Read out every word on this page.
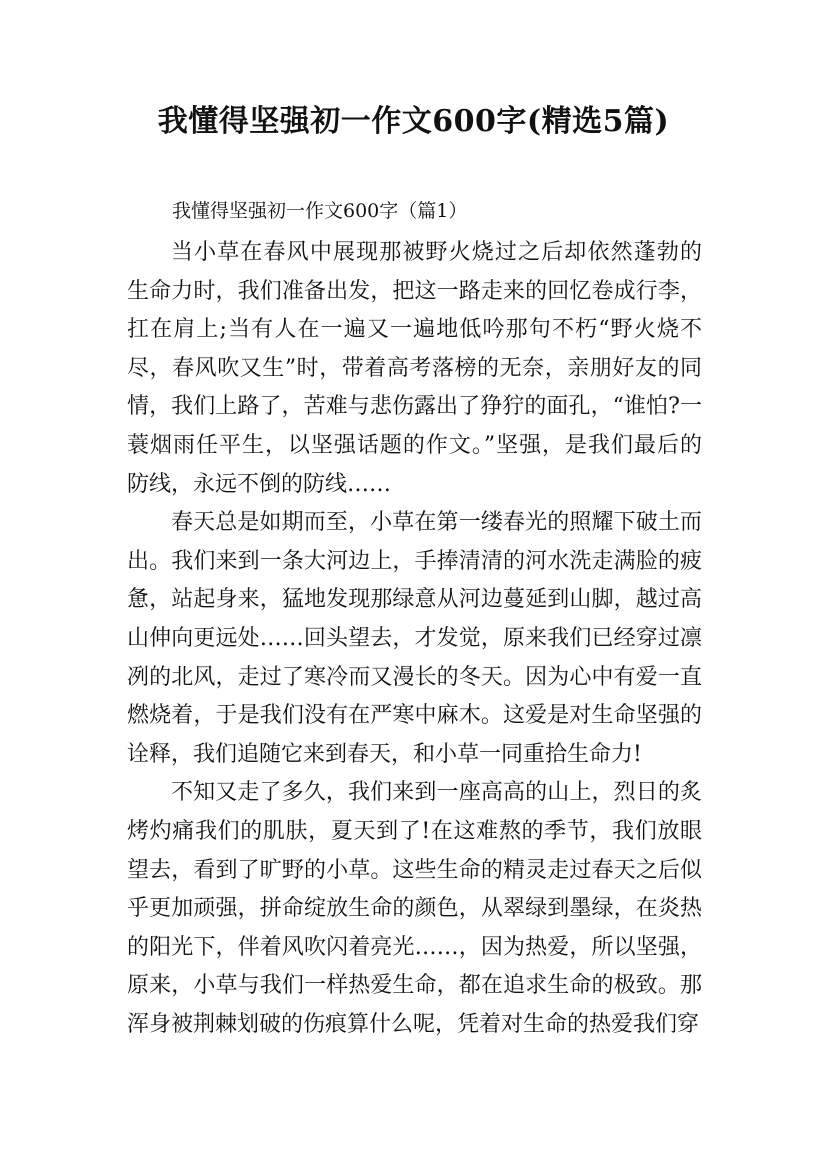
我懂得坚强初一作文600字(精选5篇)

我懂得坚强初一作文600字（篇1）

当小草在春风中展现那被野火烧过之后却依然蓬勃的
生命力时，我们准备出发，把这一路走来的回忆卷成行李，
扛在肩上;当有人在一遍又一遍地低吟那句不朽“野火烧不
尽，春风吹又生”时，带着高考落榜的无奈，亲朋好友的同
情，我们上路了，苦难与悲伤露出了狰狞的面孔，“谁怕?一
蓑烟雨任平生，以坚强话题的作文。”坚强，是我们最后的
防线，永远不倒的防线……

春天总是如期而至，小草在第一缕春光的照耀下破土而
出。我们来到一条大河边上，手捧清清的河水洗走满脸的疲
惫，站起身来，猛地发现那绿意从河边蔓延到山脚，越过高
山伸向更远处……回头望去，才发觉，原来我们已经穿过凛
冽的北风，走过了寒冷而又漫长的冬天。因为心中有爱一直
燃烧着，于是我们没有在严寒中麻木。这爱是对生命坚强的
诠释，我们追随它来到春天，和小草一同重拾生命力!

不知又走了多久，我们来到一座高高的山上，烈日的炙
烤灼痛我们的肌肤，夏天到了!在这难熬的季节，我们放眼
望去，看到了旷野的小草。这些生命的精灵走过春天之后似
乎更加顽强，拼命绽放生命的颜色，从翠绿到墨绿，在炎热
的阳光下，伴着风吹闪着亮光……，因为热爱，所以坚强，
原来，小草与我们一样热爱生命，都在追求生命的极致。那
浑身被荆棘划破的伤痕算什么呢，凭着对生命的热爱我们穿
